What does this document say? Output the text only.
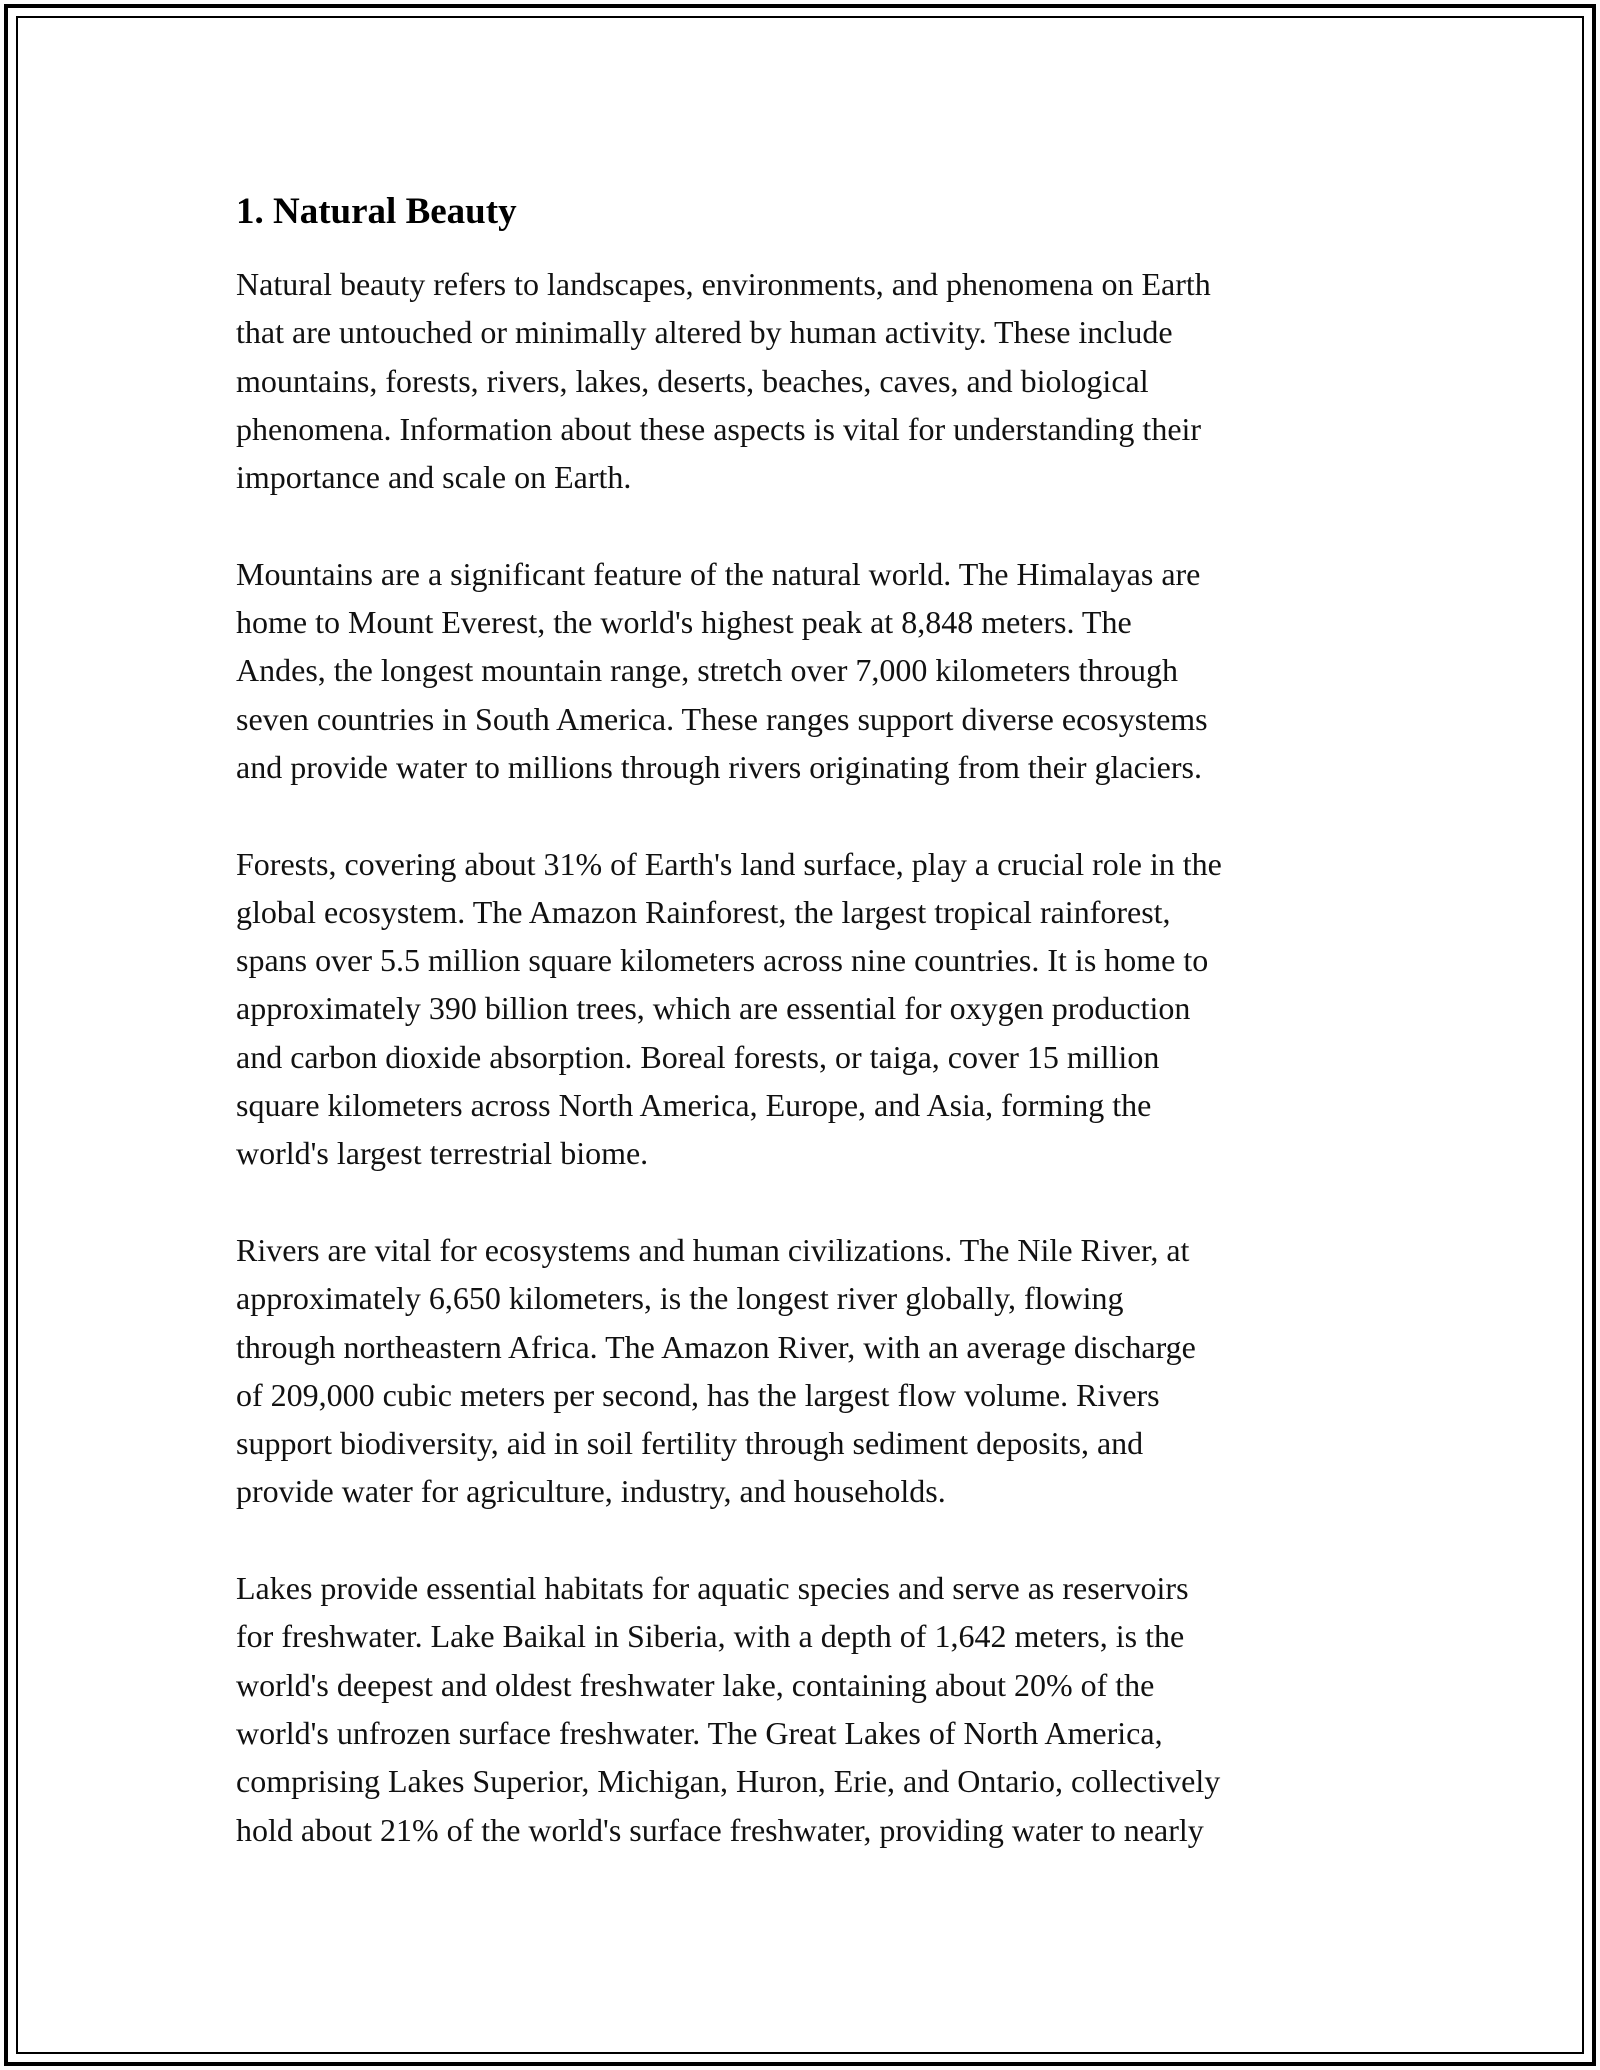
1. Natural Beauty

Natural beauty refers to landscapes, environments, and phenomena on Earth
that are untouched or minimally altered by human activity. These include
mountains, forests, rivers, lakes, deserts, beaches, caves, and biological
phenomena. Information about these aspects is vital for understanding their
importance and scale on Earth.

Mountains are a significant feature of the natural world. The Himalayas are
home to Mount Everest, the world's highest peak at 8,848 meters. The
Andes, the longest mountain range, stretch over 7,000 kilometers through
seven countries in South America. These ranges support diverse ecosystems
and provide water to millions through rivers originating from their glaciers.

Forests, covering about 31% of Earth's land surface, play a crucial role in the
global ecosystem. The Amazon Rainforest, the largest tropical rainforest,
spans over 5.5 million square kilometers across nine countries. It is home to
approximately 390 billion trees, which are essential for oxygen production
and carbon dioxide absorption. Boreal forests, or taiga, cover 15 million
square kilometers across North America, Europe, and Asia, forming the
world's largest terrestrial biome.

Rivers are vital for ecosystems and human civilizations. The Nile River, at
approximately 6,650 kilometers, is the longest river globally, flowing
through northeastern Africa. The Amazon River, with an average discharge
of 209,000 cubic meters per second, has the largest flow volume. Rivers
support biodiversity, aid in soil fertility through sediment deposits, and
provide water for agriculture, industry, and households.

Lakes provide essential habitats for aquatic species and serve as reservoirs
for freshwater. Lake Baikal in Siberia, with a depth of 1,642 meters, is the
world's deepest and oldest freshwater lake, containing about 20% of the
world's unfrozen surface freshwater. The Great Lakes of North America,
comprising Lakes Superior, Michigan, Huron, Erie, and Ontario, collectively
hold about 21% of the world's surface freshwater, providing water to nearly
